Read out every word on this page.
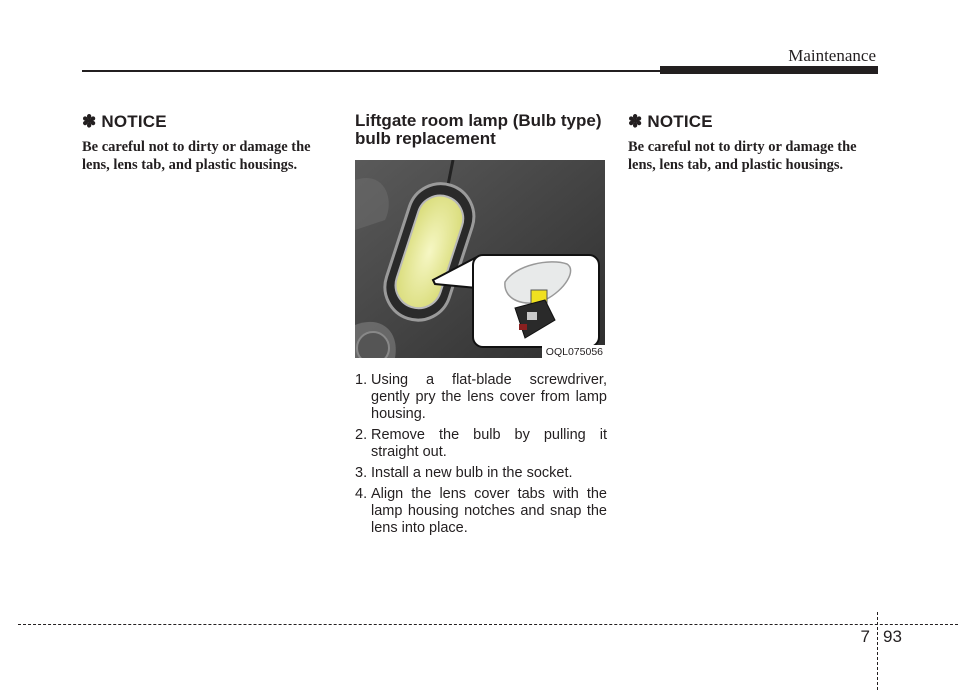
Maintenance
✽ NOTICE
Be careful not to dirty or damage the lens, lens tab, and plastic housings.
Liftgate room lamp (Bulb type) bulb replacement
OQL075056
1. Using a flat-blade screwdriver, gently pry the lens cover from lamp housing.
2. Remove the bulb by pulling it straight out.
3. Install a new bulb in the socket.
4. Align the lens cover tabs with the lamp housing notches and snap the lens into place.
✽ NOTICE
Be careful not to dirty or damage the lens, lens tab, and plastic housings.
7 93
